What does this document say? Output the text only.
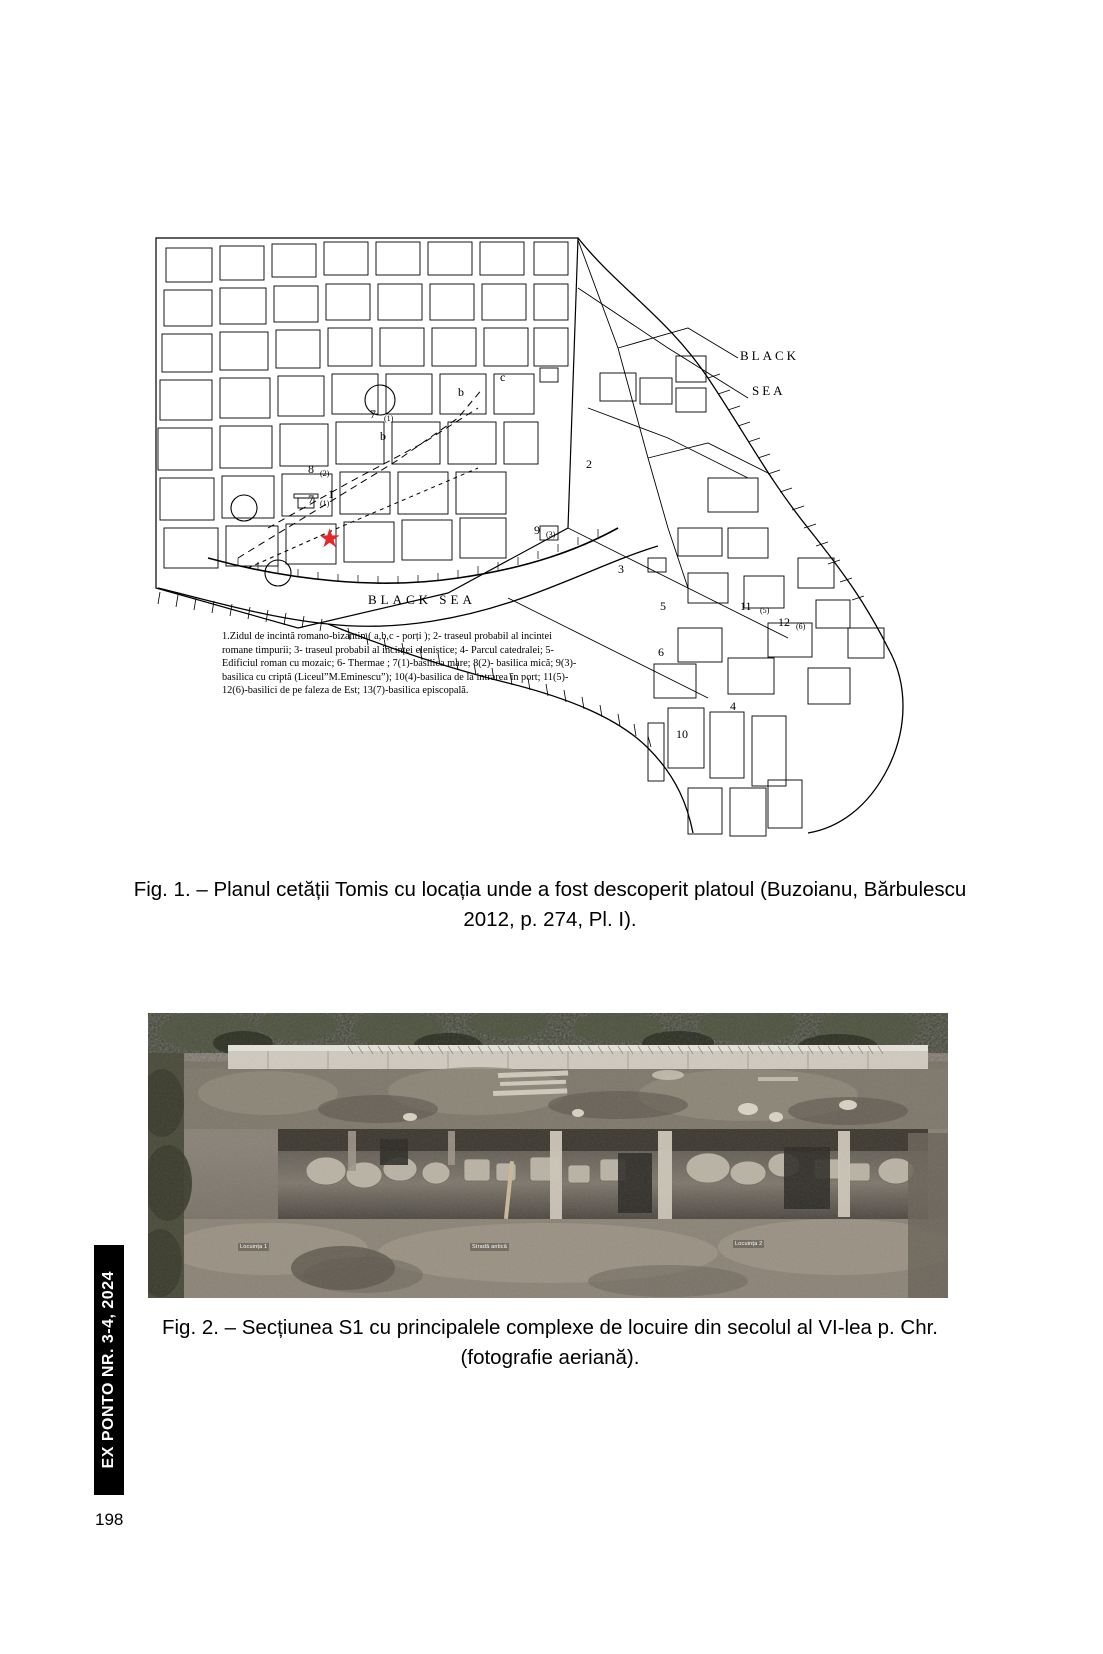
7 (1)
7 (1)
1
8 (2)
b
b
c
2
9 (3)
3
5
6
11 (5)
12 (6)
4
10
★
BLACK
SEA
BLACK SEA
1.Zidul de incintă romano-bizantin ( a,b,c - porți ); 2- traseul probabil al incintei romane timpurii; 3- traseul probabil al incintei elenistice; 4- Parcul catedralei; 5- Edificiul roman cu mozaic; 6- Thermae ; 7(1)-basilica mare; 8(2)- basilica mică; 9(3)- basilica cu criptă (Liceul”M.Eminescu”); 10(4)-basilica de la intrarea în port; 11(5)- 12(6)-basilici de pe faleza de Est; 13(7)-basilica episcopală.
Fig. 1. – Planul cetății Tomis cu locația unde a fost descoperit platoul (Buzoianu, Bărbulescu 2012, p. 274, Pl. I).
Locuința 1	Stradă antică	Locuința 2
Fig. 2. – Secțiunea S1 cu principalele complexe de locuire din secolul al VI-lea p. Chr. (fotografie aeriană).
EX PONTO NR. 3-4, 2024
198
